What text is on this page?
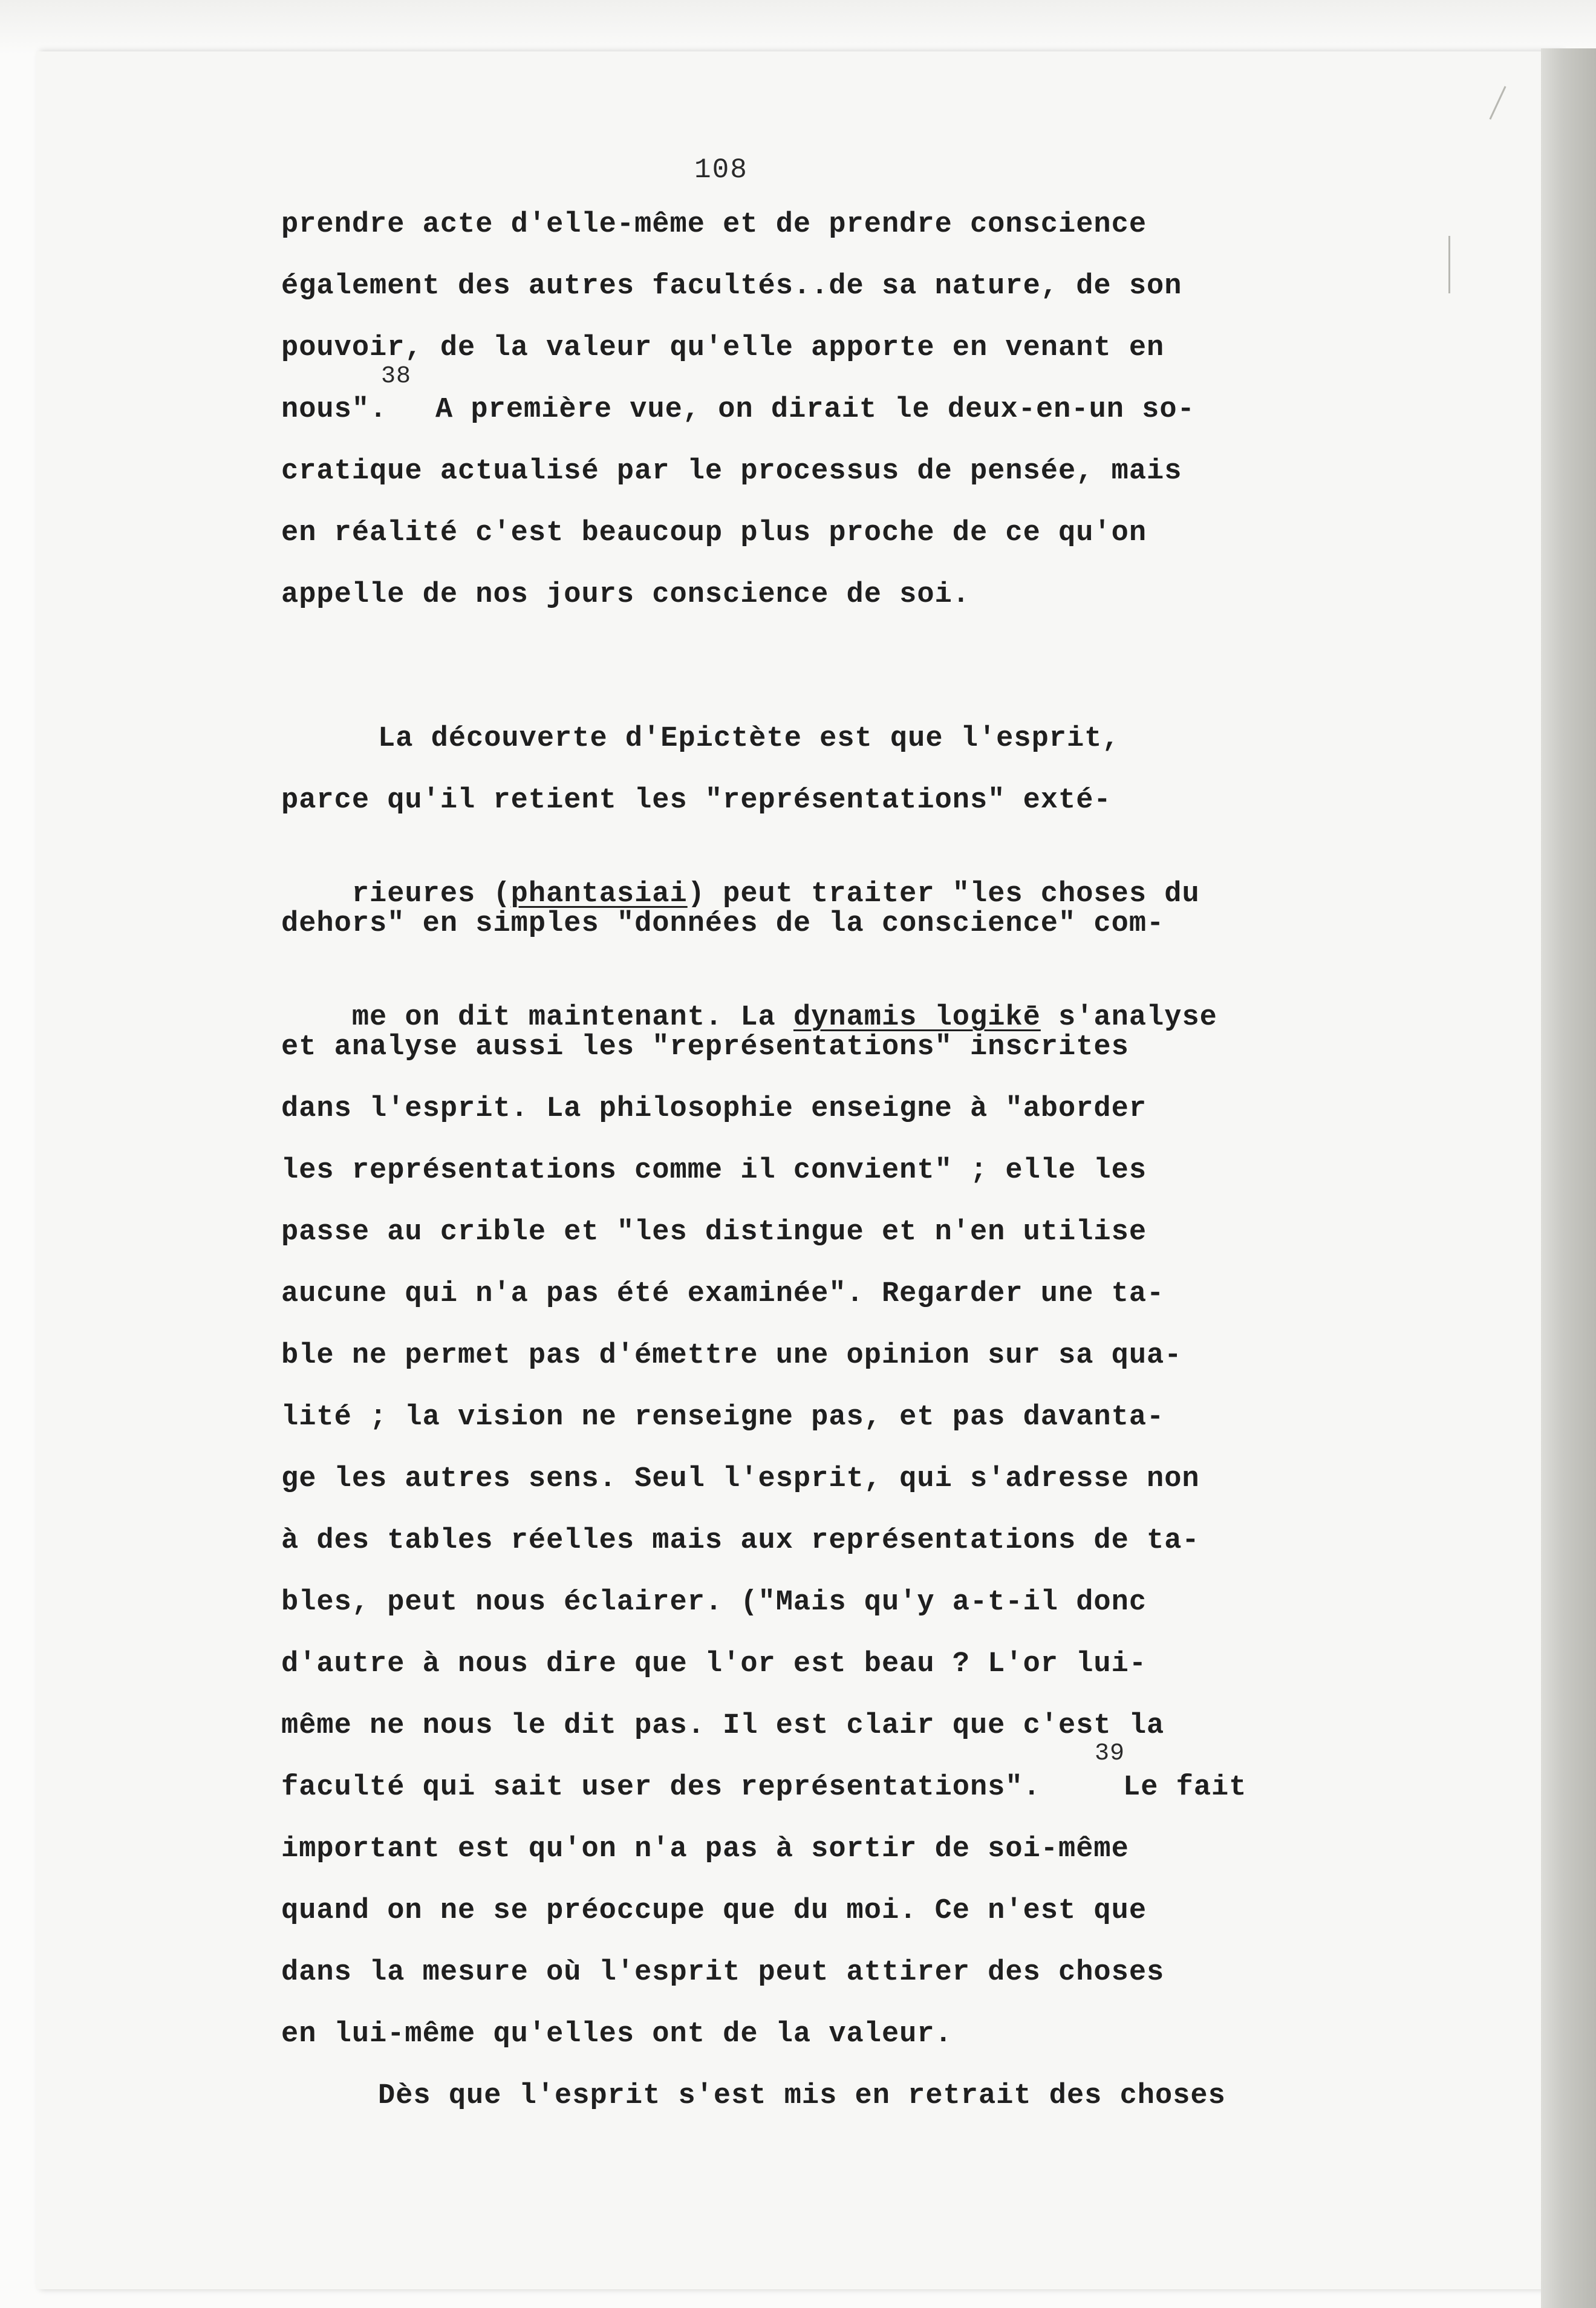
108
prendre acte d'elle-même et de prendre conscience
également des autres facultés..de sa nature, de son
pouvoir, de la valeur qu'elle apporte en venant en
nous".
38
A première vue, on dirait le deux-en-un so-
cratique actualisé par le processus de pensée, mais
en réalité c'est beaucoup plus proche de ce qu'on
appelle de nos jours conscience de soi.
La découverte d'Epictète est que l'esprit,
parce qu'il retient les "représentations" exté-

rieures (phantasiai) peut traiter "les choses du

dehors" en simples "données de la conscience" com-

me on dit maintenant. La dynamis logikē s'analyse

et analyse aussi les "représentations" inscrites
dans l'esprit. La philosophie enseigne à "aborder
les représentations comme il convient" ; elle les
passe au crible et "les distingue et n'en utilise
aucune qui n'a pas été examinée". Regarder une ta-
ble ne permet pas d'émettre une opinion sur sa qua-
lité ; la vision ne renseigne pas, et pas davanta-
ge les autres sens. Seul l'esprit, qui s'adresse non
à des tables réelles mais aux représentations de ta-
bles, peut nous éclairer. ("Mais qu'y a-t-il donc
d'autre à nous dire que l'or est beau ? L'or lui-
même ne nous le dit pas. Il est clair que c'est la
faculté qui sait user des représentations".
39
Le fait
important est qu'on n'a pas à sortir de soi-même
quand on ne se préoccupe que du moi. Ce n'est que
dans la mesure où l'esprit peut attirer des choses
en lui-même qu'elles ont de la valeur.
Dès que l'esprit s'est mis en retrait des choses
